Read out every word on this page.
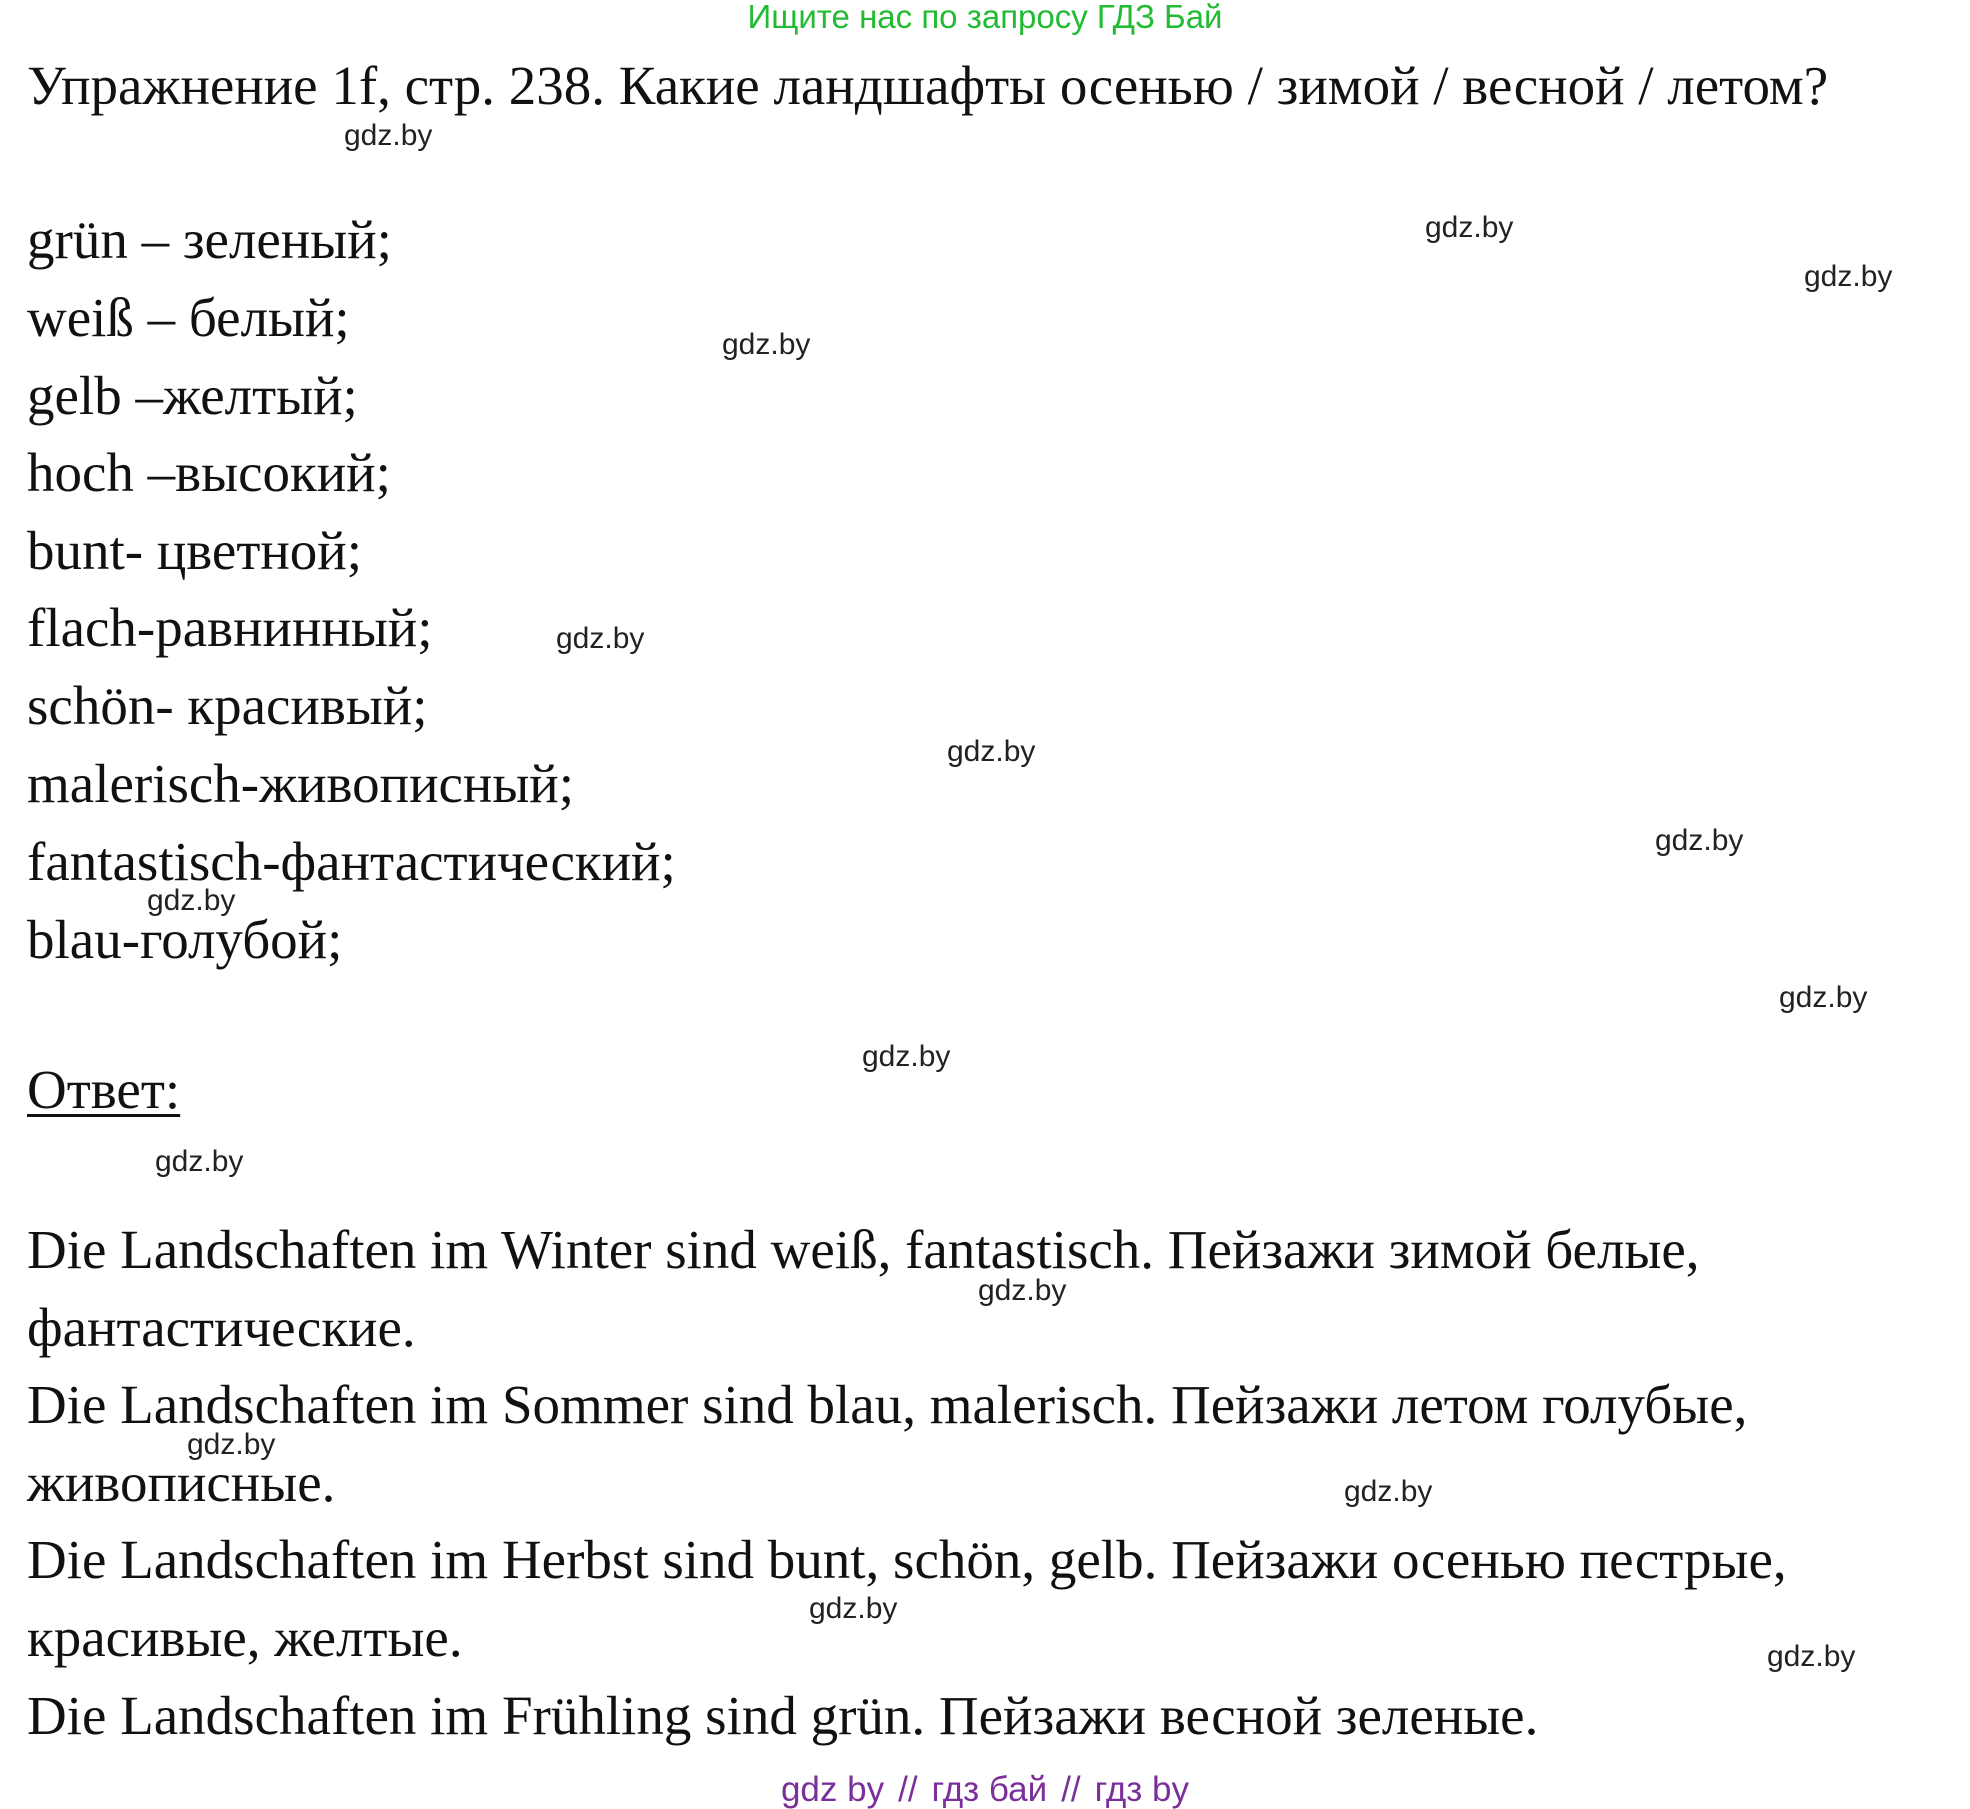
Ищите нас по запросу ГДЗ Бай
Упражнение 1f, стр. 238. Какие ландшафты осенью / зимой / весной / летом?
grün – зеленый;
weiß – белый;
gelb –желтый;
hoch –высокий;
bunt- цветной;
flach-равнинный;
schön- красивый;
malerisch-живописный;
fantastisch-фантастический;
blau-голубой;
Ответ:
Die Landschaften im Winter sind weiß, fantastisch. Пейзажи зимой белые,
фантастические.
Die Landschaften im Sommer sind blau, malerisch. Пейзажи летом голубые,
живописные.
Die Landschaften im Herbst sind bunt, schön, gelb. Пейзажи осенью пестрые,
красивые, желтые.
Die Landschaften im Frühling sind grün. Пейзажи весной зеленые.
gdz.by
gdz.by
gdz.by
gdz.by
gdz.by
gdz.by
gdz.by
gdz.by
gdz.by
gdz.by
gdz.by
gdz.by
gdz.by
gdz.by
gdz.by
gdz.by
gdz by // гдз бай // гдз by
